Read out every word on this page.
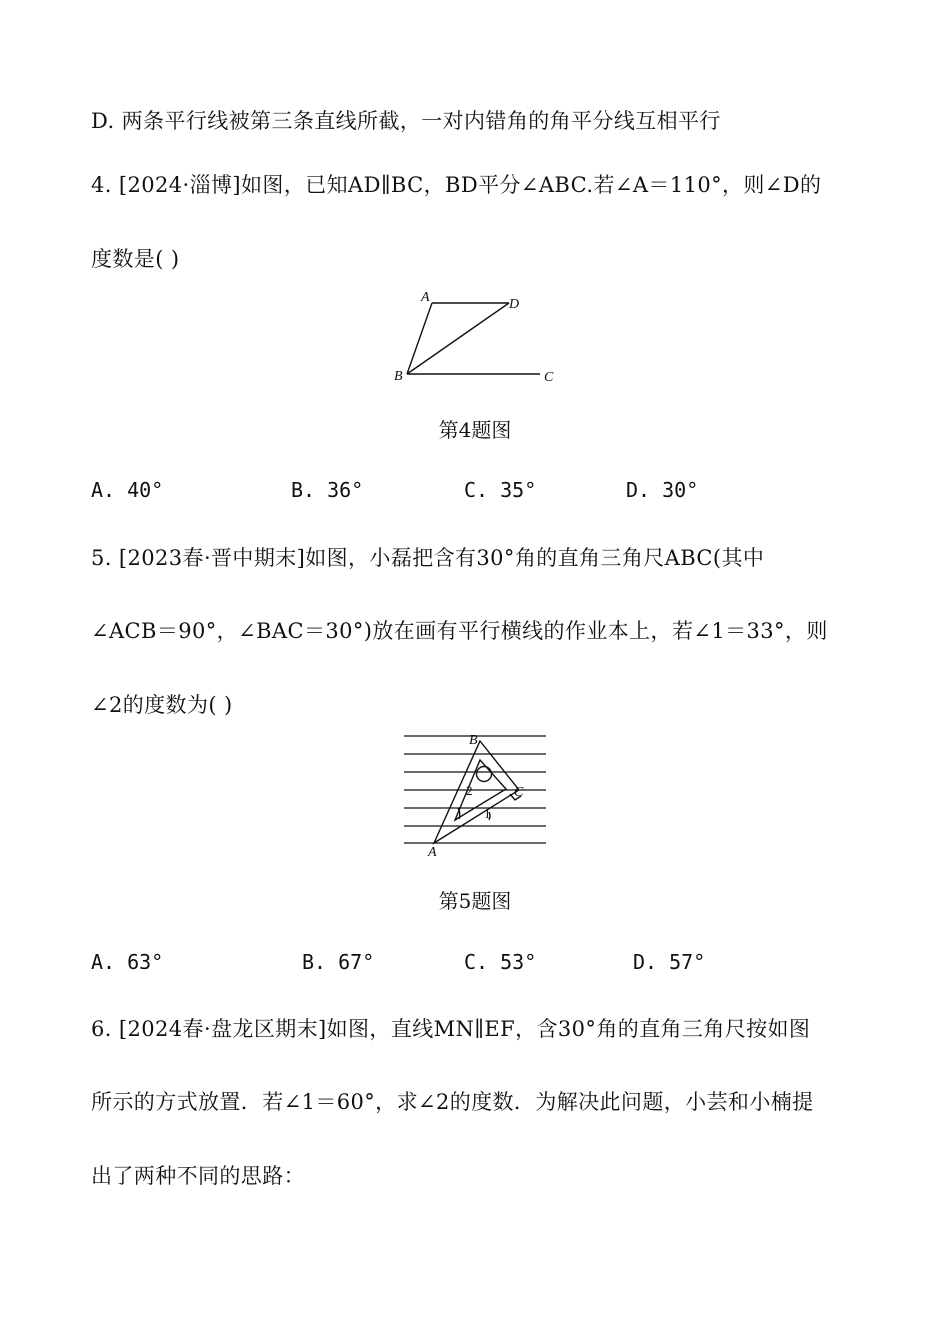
D. 两条平行线被第三条直线所截，一对内错角的角平分线互相平行
4. [2024·淄博]如图，已知AD∥BC，BD平分∠ABC.若∠A＝110°，则∠D的
度数是( )
A	D
B	C
第4题图
A. 40°	B. 36°	C. 35°	D. 30°
5. [2023春·晋中期末]如图，小磊把含有30°角的直角三角尺ABC(其中
∠ACB＝90°，∠BAC＝30°)放在画有平行横线的作业本上，若∠1＝33°，则
∠2的度数为( )
B
C
A
1
2
第5题图
A. 63°	B. 67°	C. 53°	D. 57°
6. [2024春·盘龙区期末]如图，直线MN∥EF，含30°角的直角三角尺按如图
所示的方式放置．若∠1＝60°，求∠2的度数．为解决此问题，小芸和小楠提
出了两种不同的思路：
